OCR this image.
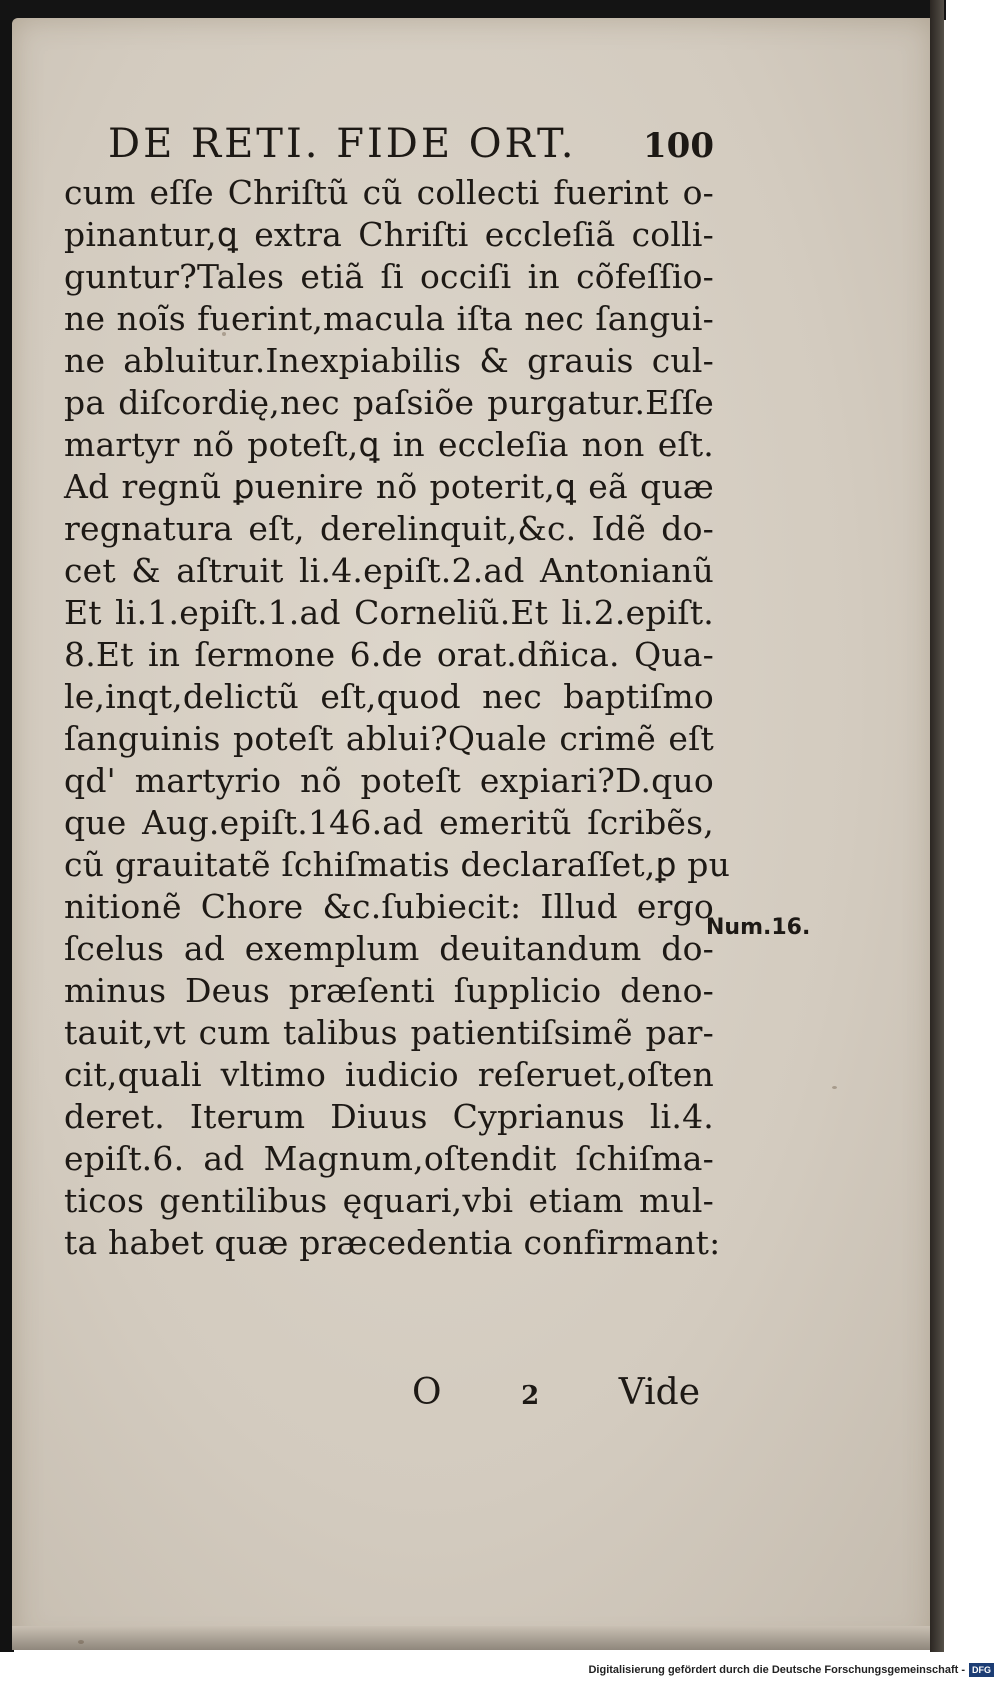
DE RETI. FIDE ORT. 100
cum eſſe Chriſtũ cũ collecti fuerint o-
pinantur,ꝗ extra Chriſti eccleſiã colli-
guntur?Tales etiã ſi occiſi in cõfeſſio-
ne noĩs fuerint,macula iſta nec ſangui-
ne abluitur.Inexpiabilis & grauis cul-
pa diſcordię,nec paſsiõe purgatur.Eſſe
martyr nõ poteſt,ꝗ in eccleſia non eſt.
Ad regnũ ꝑuenire nõ poterit,ꝗ eã quæ
regnatura eſt, derelinquit,&c. Idẽ do-
cet & aſtruit li.4.epiſt.2.ad Antonianũ
Et li.1.epiſt.1.ad Corneliũ.Et li.2.epiſt.
8.Et in ſermone 6.de orat.dñica. Qua-
le,inqt,delictũ eſt,quod nec baptiſmo
ſanguinis poteſt ablui?Quale crimẽ eſt
qd' martyrio nõ poteſt expiari?D.quo
que Aug.epiſt.146.ad emeritũ ſcribẽs,
cũ grauitatẽ ſchiſmatis declaraſſet,ꝑ pu
nitionẽ Chore &c.ſubiecit: Illud ergo
ſcelus ad exemplum deuitandum do-
minus Deus præſenti ſupplicio deno-
tauit,vt cum talibus patientiſsimẽ par-
cit,quali vltimo iudicio reſeruet,oſten
deret. Iterum Diuus Cyprianus li.4.
epiſt.6. ad Magnum,oſtendit ſchiſma-
ticos gentilibus ęquari,vbi etiam mul-
ta habet quæ præcedentia confirmant:
Num.16.
O	2 Vide
Digitalisierung gefördert durch die Deutsche Forschungsgemeinschaft - DFG
